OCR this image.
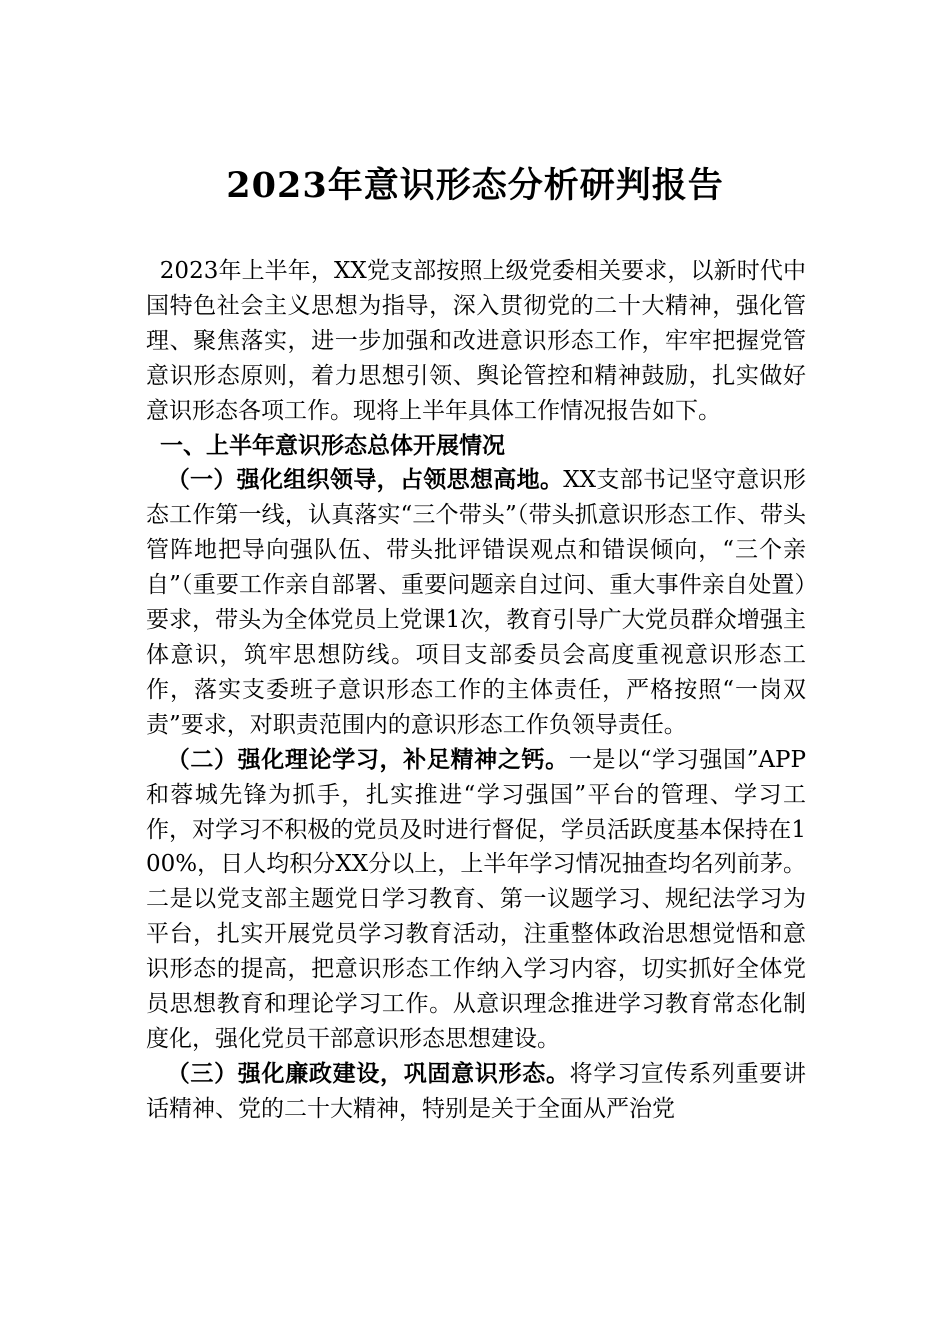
2023年意识形态分析研判报告

2023年上半年，XX党支部按照上级党委相关要求，以新时代中国特色社会主义思想为指导，深入贯彻党的二十大精神，强化管理、聚焦落实，进一步加强和改进意识形态工作，牢牢把握党管意识形态原则，着力思想引领、舆论管控和精神鼓励，扎实做好意识形态各项工作。现将上半年具体工作情况报告如下。

一、上半年意识形态总体开展情况

（一）强化组织领导，占领思想高地。XX支部书记坚守意识形态工作第一线，认真落实“三个带头”（带头抓意识形态工作、带头管阵地把导向强队伍、带头批评错误观点和错误倾向，“三个亲自”（重要工作亲自部署、重要问题亲自过问、重大事件亲自处置）要求，带头为全体党员上党课1次，教育引导广大党员群众增强主体意识，筑牢思想防线。项目支部委员会高度重视意识形态工作，落实支委班子意识形态工作的主体责任，严格按照“一岗双责”要求，对职责范围内的意识形态工作负领导责任。

（二）强化理论学习，补足精神之钙。一是以“学习强国”APP和蓉城先锋为抓手，扎实推进“学习强国”平台的管理、学习工作，对学习不积极的党员及时进行督促，学员活跃度基本保持在100%，日人均积分XX分以上，上半年学习情况抽查均名列前茅。二是以党支部主题党日学习教育、第一议题学习、规纪法学习为平台，扎实开展党员学习教育活动，注重整体政治思想觉悟和意识形态的提高，把意识形态工作纳入学习内容，切实抓好全体党员思想教育和理论学习工作。从意识理念推进学习教育常态化制度化，强化党员干部意识形态思想建设。

（三）强化廉政建设，巩固意识形态。将学习宣传系列重要讲话精神、党的二十大精神，特别是关于全面从严治党
